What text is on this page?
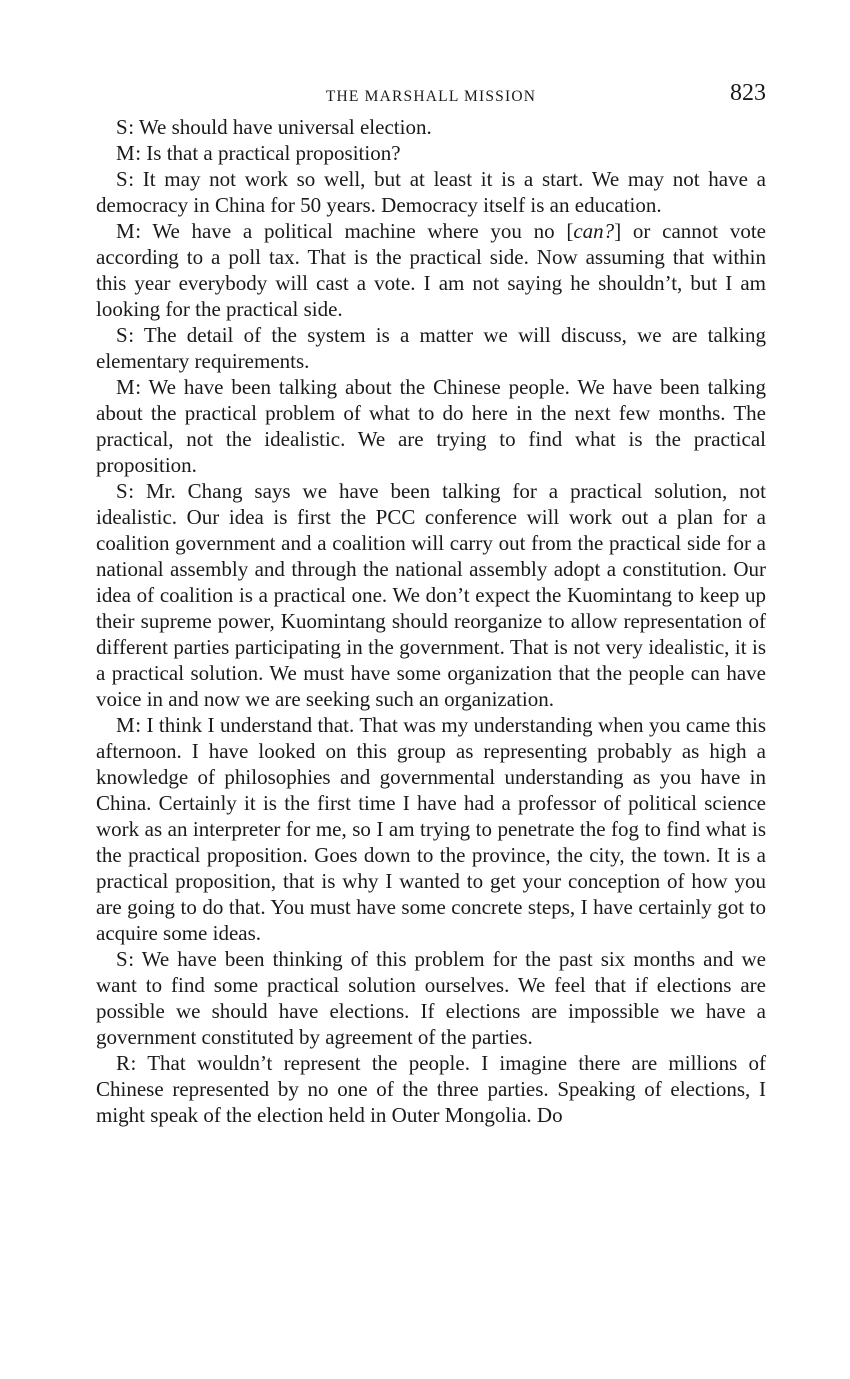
THE MARSHALL MISSION	823

S: We should have universal election.

M: Is that a practical proposition?

S: It may not work so well, but at least it is a start. We may not have a democracy in China for 50 years. Democracy itself is an education.

M: We have a political machine where you no [can?] or cannot vote according to a poll tax. That is the practical side. Now assuming that within this year everybody will cast a vote. I am not saying he shouldn’t, but I am looking for the practical side.

S: The detail of the system is a matter we will discuss, we are talking elementary requirements.

M: We have been talking about the Chinese people. We have been talking about the practical problem of what to do here in the next few months. The practical, not the idealistic. We are trying to find what is the practical proposition.

S: Mr. Chang says we have been talking for a practical solution, not idealistic. Our idea is first the PCC conference will work out a plan for a coalition government and a coalition will carry out from the practical side for a national assembly and through the national assembly adopt a constitution. Our idea of coalition is a practical one. We don’t expect the Kuomintang to keep up their supreme power, Kuomintang should reorganize to allow representation of different parties participating in the government. That is not very idealistic, it is a practical solution. We must have some organization that the people can have voice in and now we are seeking such an organization.

M: I think I understand that. That was my understanding when you came this afternoon. I have looked on this group as representing probably as high a knowledge of philosophies and governmental understanding as you have in China. Certainly it is the first time I have had a professor of political science work as an interpreter for me, so I am trying to penetrate the fog to find what is the practical proposition. Goes down to the province, the city, the town. It is a practical proposition, that is why I wanted to get your conception of how you are going to do that. You must have some concrete steps, I have certainly got to acquire some ideas.

S: We have been thinking of this problem for the past six months and we want to find some practical solution ourselves. We feel that if elections are possible we should have elections. If elections are impossible we have a government constituted by agreement of the parties.

R: That wouldn’t represent the people. I imagine there are millions of Chinese represented by no one of the three parties. Speaking of elections, I might speak of the election held in Outer Mongolia. Do
